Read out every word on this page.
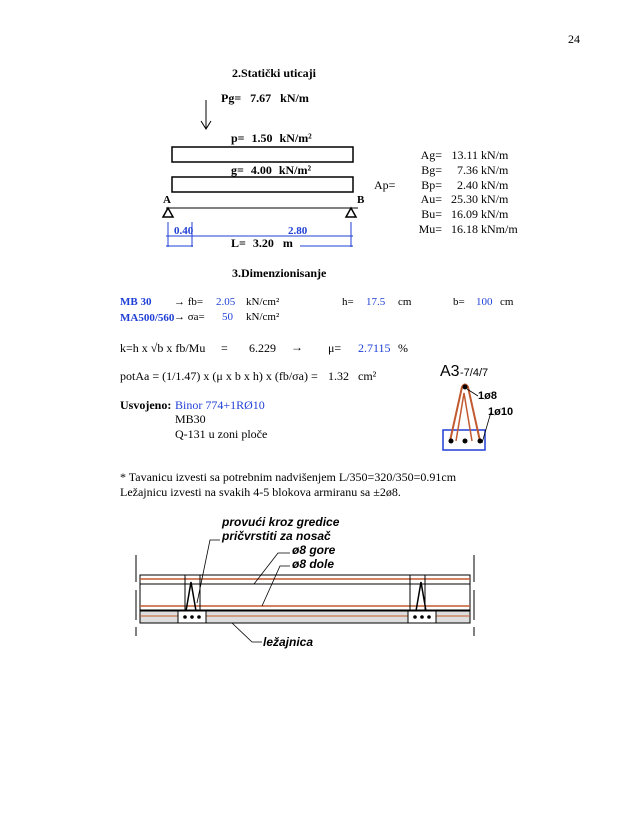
24
2.Statički uticaji
Pg= 7.67 kN/m
p= 1.50 kN/m²
g= 4.00 kN/m²
A	B
0.40	2.80
L= 3.20 m
Ap=
Ag= 13.11 kN/m
Bg= 7.36 kN/m
Bp= 2.40 kN/m
Au= 25.30 kN/m
Bu= 16.09 kN/m
Mu= 16.18 kNm/m
3.Dimenzionisanje
MB 30 → fb= 2.05 kN/cm²	h= 17.5 cm	b= 100 cm
MA500/560 → σa= 50 kN/cm²
k=h x √b x fb/Mu = 6.229 → μ= 2.7115 %
potAa = (1/1.47) x (μ x b x h) x (fb/σa) = 1.32 cm²
Usvojeno: Binor 774+1RØ10
MB30
Q-131 u zoni ploče
A3 -7/4/7
1ø8
1ø10
* Tavanicu izvesti sa potrebnim nadvišenjem L/350=320/350=0.91cm
Ležajnicu izvesti na svakih 4-5 blokova armiranu sa ±2ø8.
provući kroz gredice
pričvrstiti za nosač
ø8 gore
ø8 dole
ležajnica
